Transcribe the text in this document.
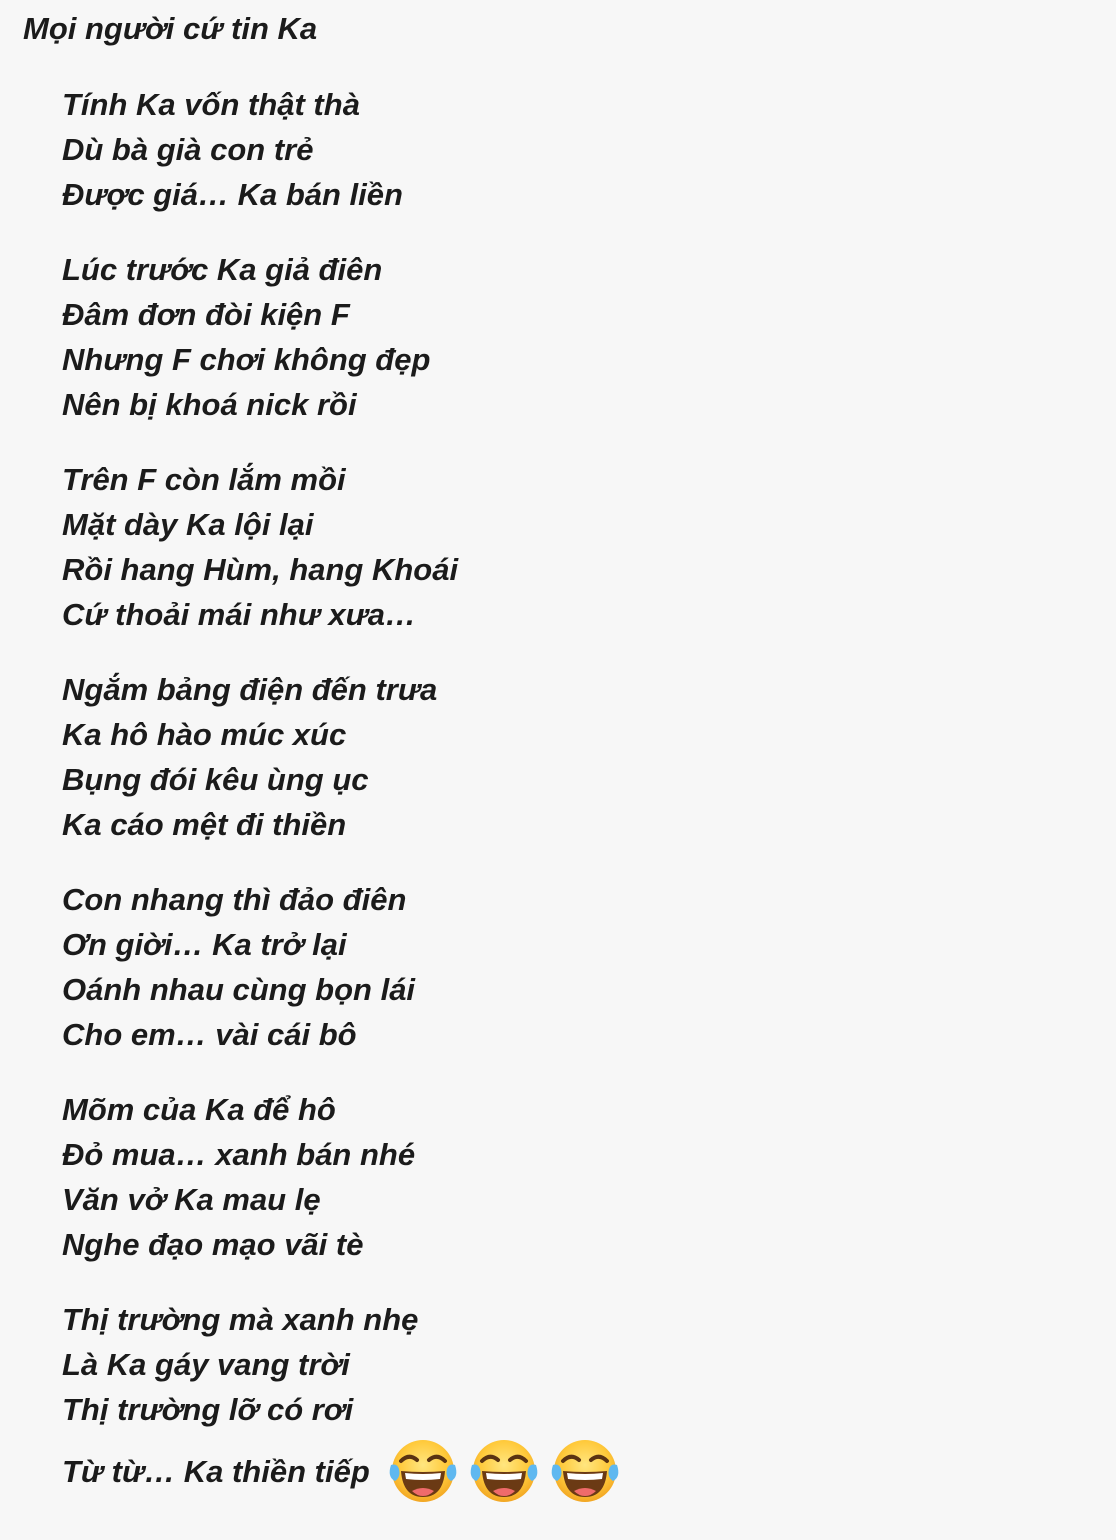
Mọi người cứ tin Ka
Tính Ka vốn thật thà
Dù bà già con trẻ
Được giá… Ka bán liền
Lúc trước Ka giả điên
Đâm đơn đòi kiện F
Nhưng F chơi không đẹp
Nên bị khoá nick rồi
Trên F còn lắm mồi
Mặt dày Ka lội lại
Rồi hang Hùm, hang Khoái
Cứ thoải mái như xưa…
Ngắm bảng điện đến trưa
Ka hô hào múc xúc
Bụng đói kêu ùng ục
Ka cáo mệt đi thiền
Con nhang thì đảo điên
Ơn giời… Ka trở lại
Oánh nhau cùng bọn lái
Cho em… vài cái bô
Mõm của Ka để hô
Đỏ mua… xanh bán nhé
Văn vở Ka mau lẹ
Nghe đạo mạo vãi tè
Thị trường mà xanh nhẹ
Là Ka gáy vang trời
Thị trường lỡ có rơi
Từ từ… Ka thiền tiếp
